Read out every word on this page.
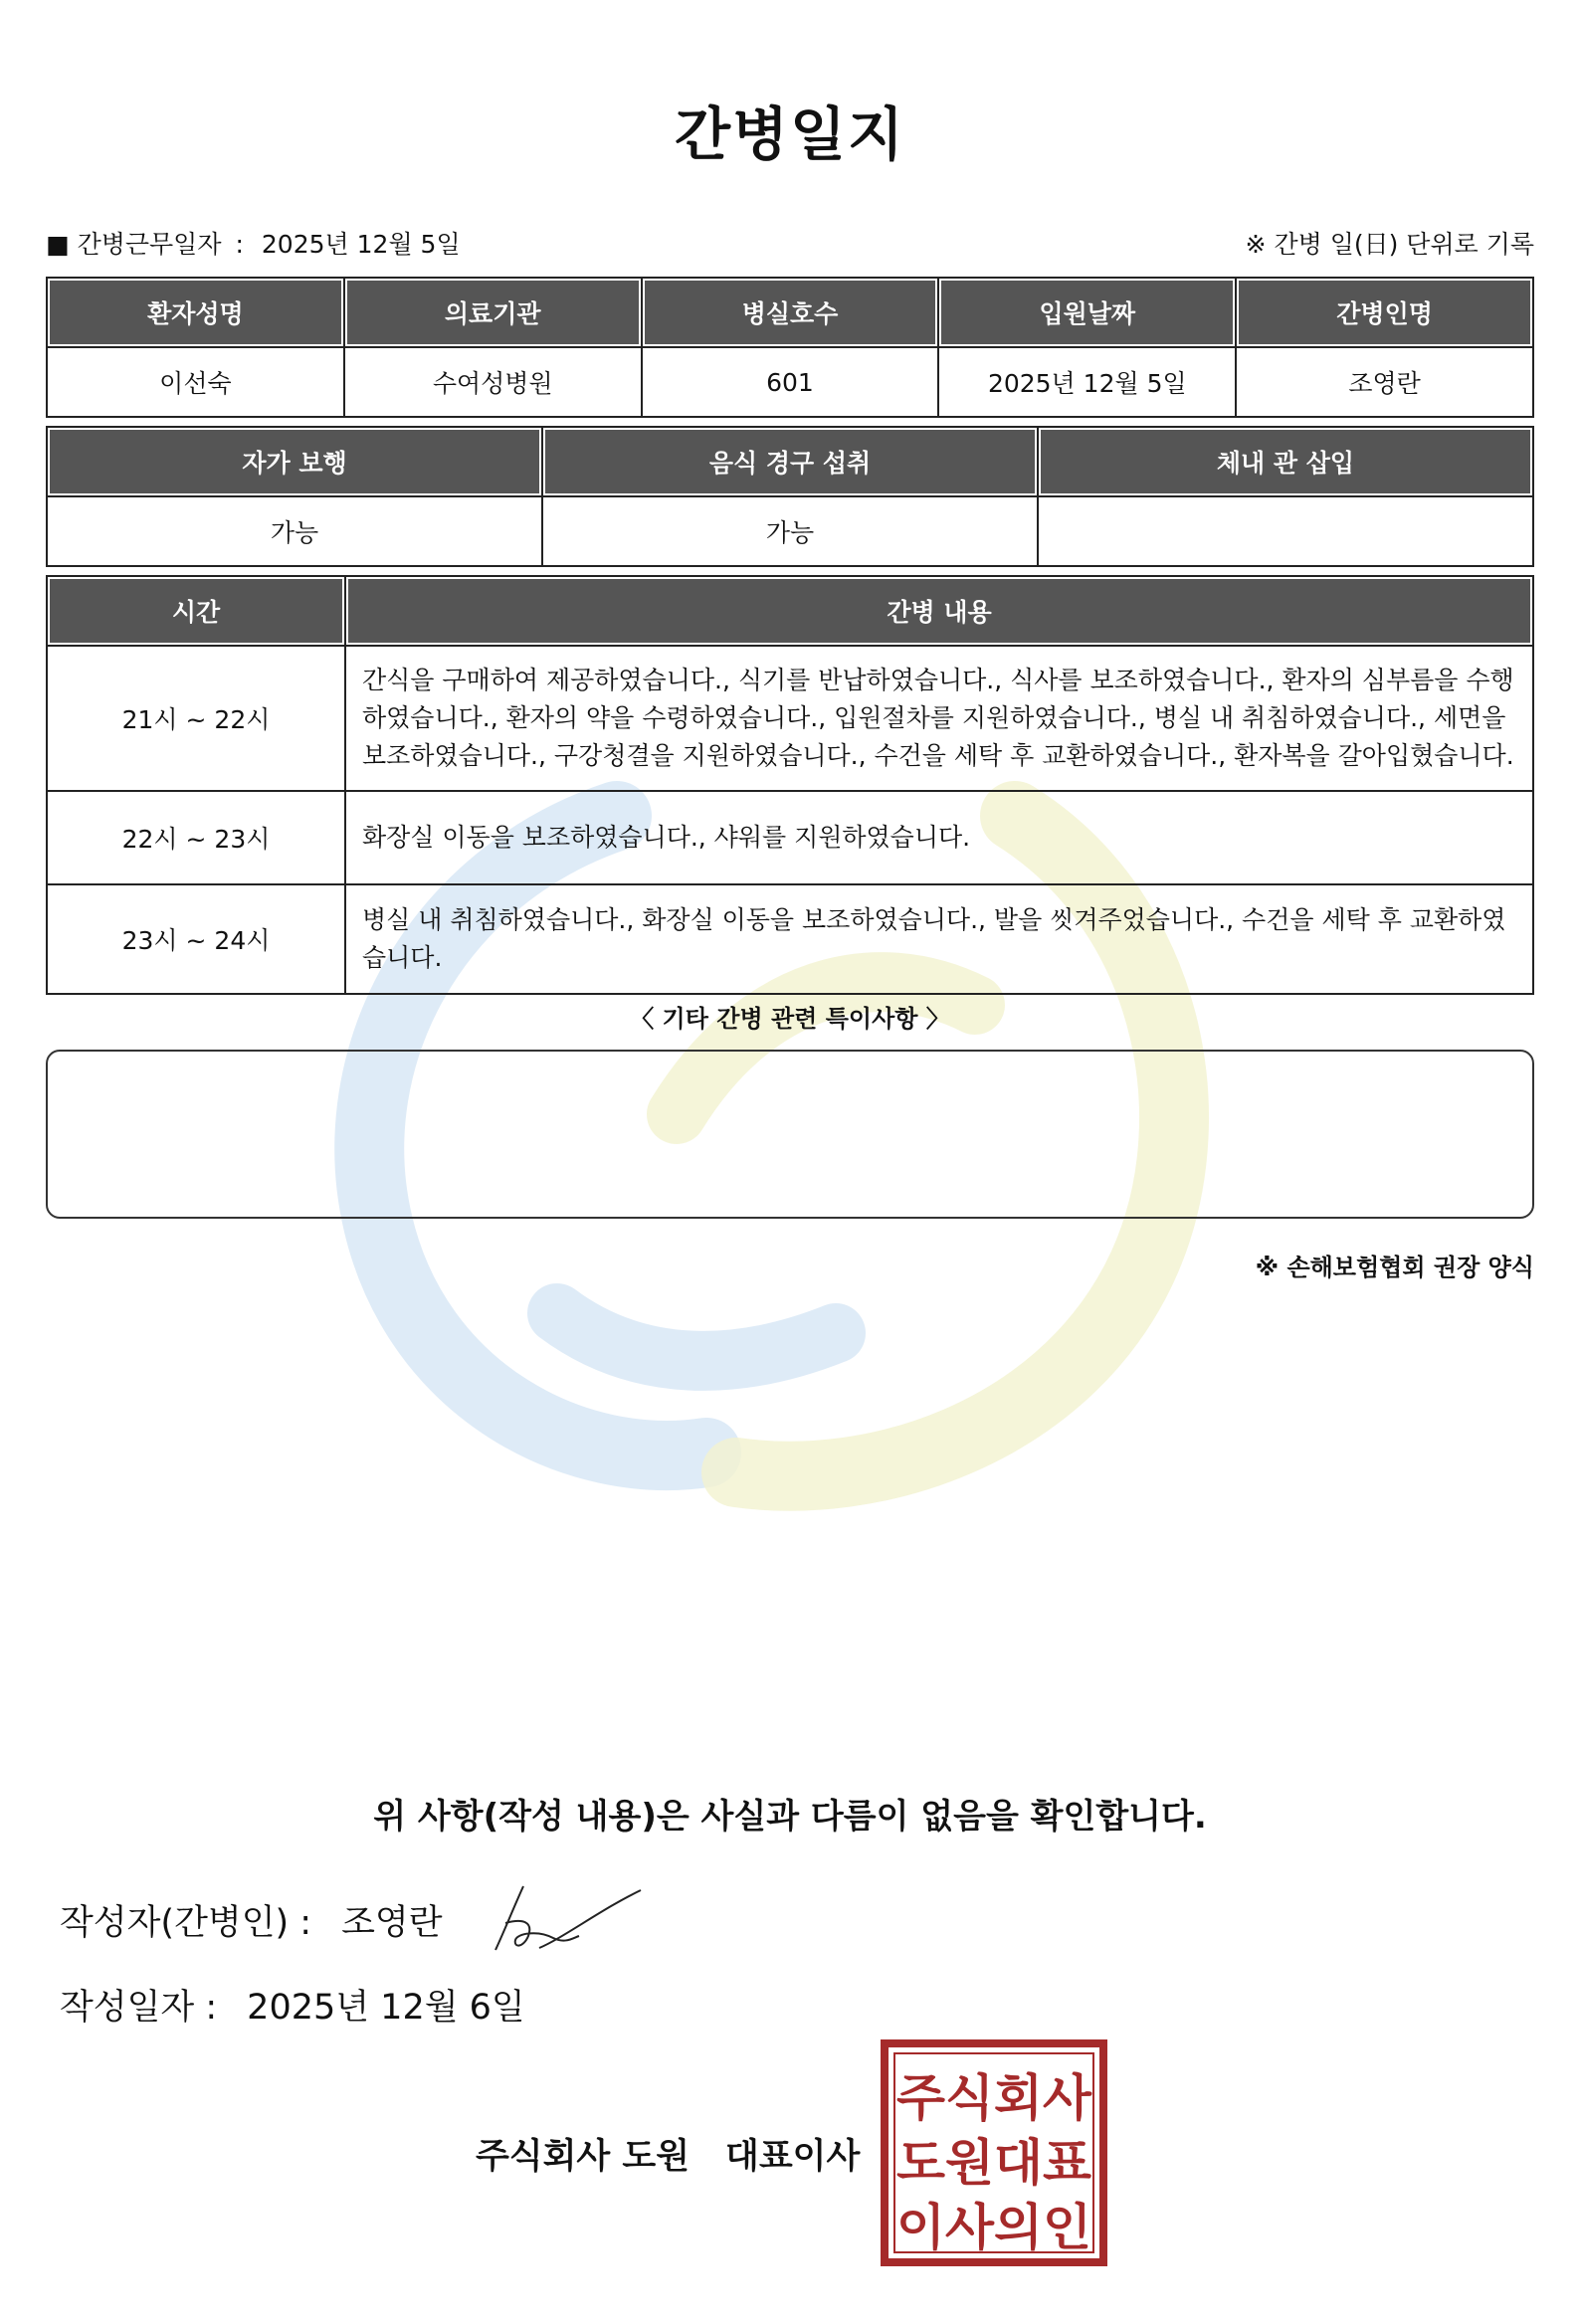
간병일지
■ 간병근무일자 : 2025년 12월 5일	※ 간병 일(日) 단위로 기록
환자성명	의료기관	병실호수	입원날짜	간병인명
이선숙	수여성병원	601	2025년 12월 5일	조영란
자가 보행	음식 경구 섭취	체내 관 삽입
가능	가능	
시간	간병 내용
21시 ~ 22시	간식을 구매하여 제공하였습니다., 식기를 반납하였습니다., 식사를 보조하였습니다., 환자의 심부름을 수행하였습니다., 환자의 약을 수령하였습니다., 입원절차를 지원하였습니다., 병실 내 취침하였습니다., 세면을 보조하였습니다., 구강청결을 지원하였습니다., 수건을 세탁 후 교환하였습니다., 환자복을 갈아입혔습니다.
22시 ~ 23시	화장실 이동을 보조하였습니다., 샤워를 지원하였습니다.
23시 ~ 24시	병실 내 취침하였습니다., 화장실 이동을 보조하였습니다., 발을 씻겨주었습니다., 수건을 세탁 후 교환하였습니다.
〈 기타 간병 관련 특이사항 〉
※ 손해보험협회 권장 양식
위 사항(작성 내용)은 사실과 다름이 없음을 확인합니다.
작성자(간병인) : 조영란
작성일자 : 2025년 12월 6일
주식회사 도원 대표이사
주식회사
도원대표
이사의인
